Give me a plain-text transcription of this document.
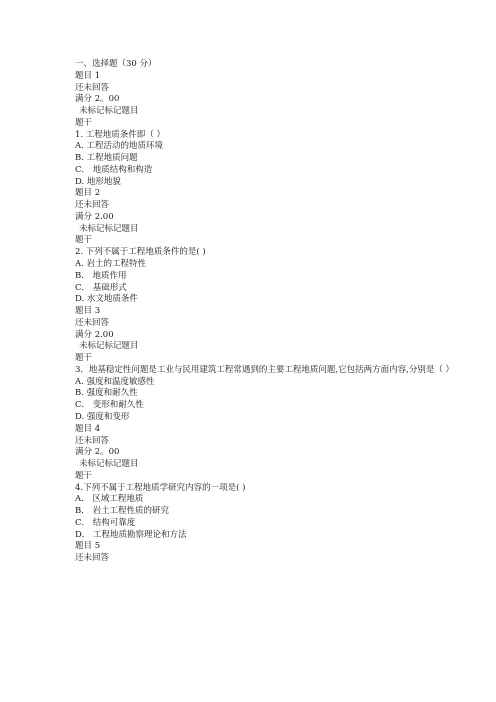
一、选择题（30 分）
题目 1
还未回答
满分 2。00
未标记标记题目
题干
1. 工程地质条件即（ ）
A. 工程活动的地质环境
B. 工程地质问题
C． 地质结构和构造
D. 地形地貌
题目 2
还未回答
满分 2.00
未标记标记题目
题干
2. 下列不属于工程地质条件的是( )
A. 岩土的工程特性
B． 地质作用
C． 基础形式
D. 水文地质条件
题目 3
还未回答
满分 2.00
未标记标记题目
题干
3．地基稳定性问题是工业与民用建筑工程常遇到的主要工程地质问题,它包括两方面内容,分别是（ ）
A. 强度和温度敏感性
B. 强度和耐久性
C． 变形和耐久性
D. 强度和变形
题目 4
还未回答
满分 2。00
未标记标记题目
题干
4.下列不属于工程地质学研究内容的一项是( )
A． 区域工程地质
B． 岩土工程性质的研究
C． 结构可靠度
D． 工程地质勘察理论和方法
题目 5
还未回答
